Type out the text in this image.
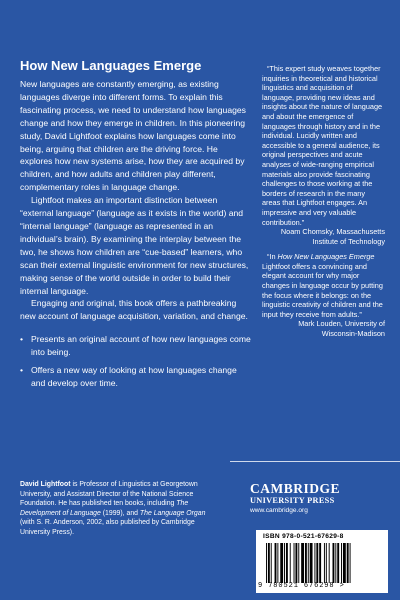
How New Languages Emerge

New languages are constantly emerging, as existing languages diverge into different forms. To explain this fascinating process, we need to understand how languages change and how they emerge in children. In this pioneering study, David Lightfoot explains how languages come into being, arguing that children are the driving force. He explores how new systems arise, how they are acquired by children, and how adults and children play different, complementary roles in language change.

Lightfoot makes an important distinction between “external language” (language as it exists in the world) and “internal language” (language as represented in an individual’s brain). By examining the interplay between the two, he shows how children are “cue-based” learners, who scan their external linguistic environment for new structures, making sense of the world outside in order to build their internal language.

Engaging and original, this book offers a pathbreaking new account of language acquisition, variation, and change.

• Presents an original account of how new languages come into being.
• Offers a new way of looking at how languages change and develop over time.
David Lightfoot is Professor of Linguistics at Georgetown University, and Assistant Director of the National Science Foundation. He has published ten books, including The Development of Language (1999), and The Language Organ (with S. R. Anderson, 2002, also published by Cambridge University Press).

“This expert study weaves together inquiries in theoretical and historical linguistics and acquisition of language, providing new ideas and insights about the nature of language and about the emergence of languages through history and in the individual. Lucidly written and accessible to a general audience, its original perspectives and acute analyses of wide-ranging empirical materials also provide fascinating challenges to those working at the borders of research in the many areas that Lightfoot engages. An impressive and very valuable contribution.”

Noam Chomsky, Massachusetts Institute of Technology

“In How New Languages Emerge Lightfoot offers a convincing and elegant account for why major changes in language occur by putting the focus where it belongs: on the linguistic creativity of children and the input they receive from adults.”

Mark Louden, University of Wisconsin-Madison

CAMBRIDGE

UNIVERSITY PRESS

www.cambridge.org

ISBN 978-0-521-67629-8
9 780521 676298 >
